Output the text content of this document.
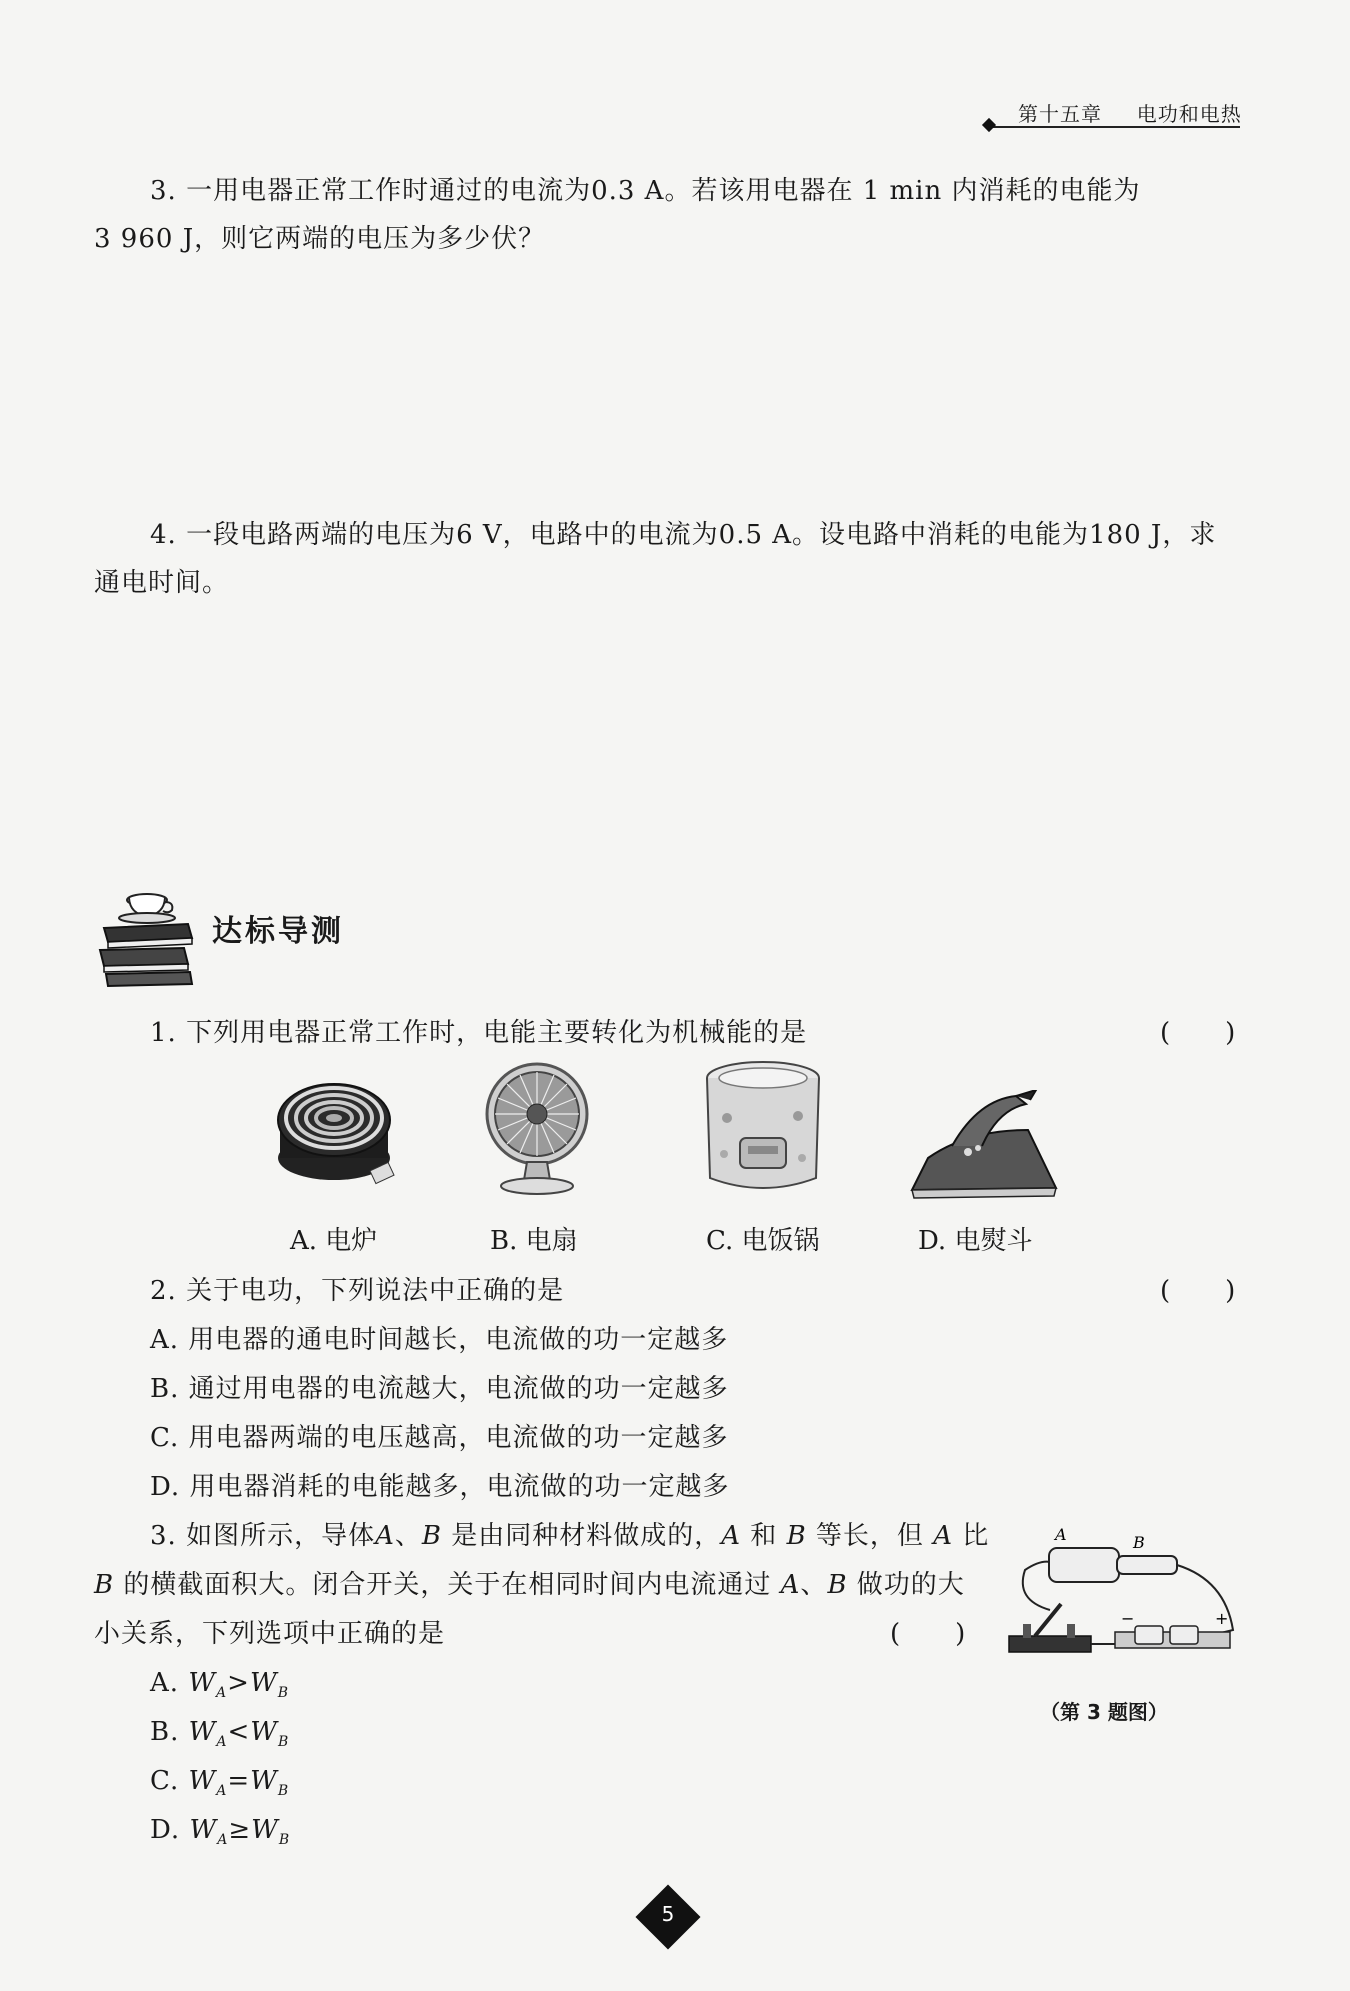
第十五章 电功和电热
3. 一用电器正常工作时通过的电流为0.3 A。若该用电器在 1 min 内消耗的电能为
3 960 J，则它两端的电压为多少伏？
4. 一段电路两端的电压为6 V，电路中的电流为0.5 A。设电路中消耗的电能为180 J，求
通电时间。
达标导测
1. 下列用电器正常工作时，电能主要转化为机械能的是	(　　)
A. 电炉	B. 电扇	C. 电饭锅	D. 电熨斗
2. 关于电功，下列说法中正确的是	(　　)
A. 用电器的通电时间越长，电流做的功一定越多
B. 通过用电器的电流越大，电流做的功一定越多
C. 用电器两端的电压越高，电流做的功一定越多
D. 用电器消耗的电能越多，电流做的功一定越多
3. 如图所示，导体A、B 是由同种材料做成的，A 和 B 等长，但 A 比
B 的横截面积大。闭合开关，关于在相同时间内电流通过 A、B 做功的大
小关系，下列选项中正确的是	(　　)
A. $W_A>W_B$
B. $W_A<W_B$
C. $W_A=W_B$
D. $W_A\ge W_B$
A	B
−	+
（第 3 题图）
5
